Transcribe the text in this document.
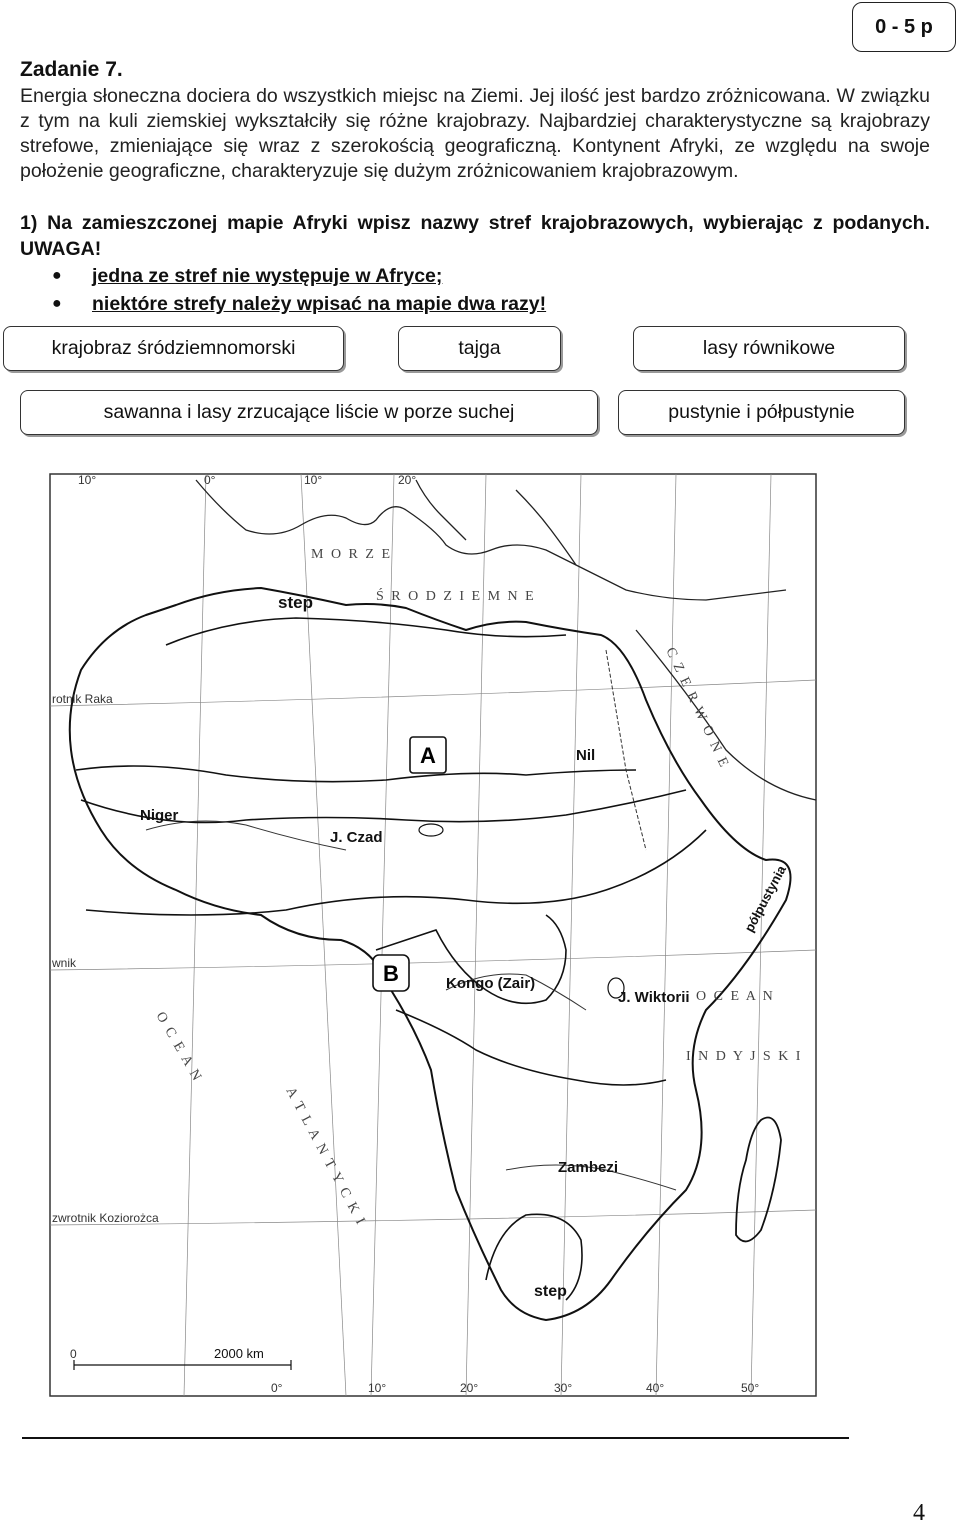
0 - 5 p
Zadanie 7.

Energia słoneczna dociera do wszystkich miejsc na Ziemi. Jej ilość jest bardzo zróżnicowana. W związku z tym na kuli ziemskiej wykształciły się różne krajobrazy. Najbardziej charakterystyczne są krajobrazy strefowe, zmieniające się wraz z szerokością geograficzną. Kontynent Afryki, ze względu na swoje położenie geograficzne, charakteryzuje się dużym zróżnicowaniem krajobrazowym.

1) Na zamieszczonej mapie Afryki wpisz nazwy stref krajobrazowych, wybierając z podanych. UWAGA!
●	jedna ze stref nie występuje w Afryce;
●	niektóre strefy należy wpisać na mapie dwa razy!
krajobraz śródziemnomorski	tajga	lasy równikowe
sawanna i lasy zrzucające liście w porze suchej	pustynie i półpustynie
M O R Z E
Ś R O D Z I E M N E
C Z E R W O N E
O C E A N
I N D Y J S K I
O C E A N
A T L A N T Y C K I
10°	0°	10°	20°
0°	10°	20°	30°	40°	50°
rotnik Raka
wnik
zwrotnik Koziorożca
step
Nil
Niger
J. Czad
Kongo (Zair)
J. Wiktorii
Zambezi
step
półpustynia
A
B
0	2000 km
4
